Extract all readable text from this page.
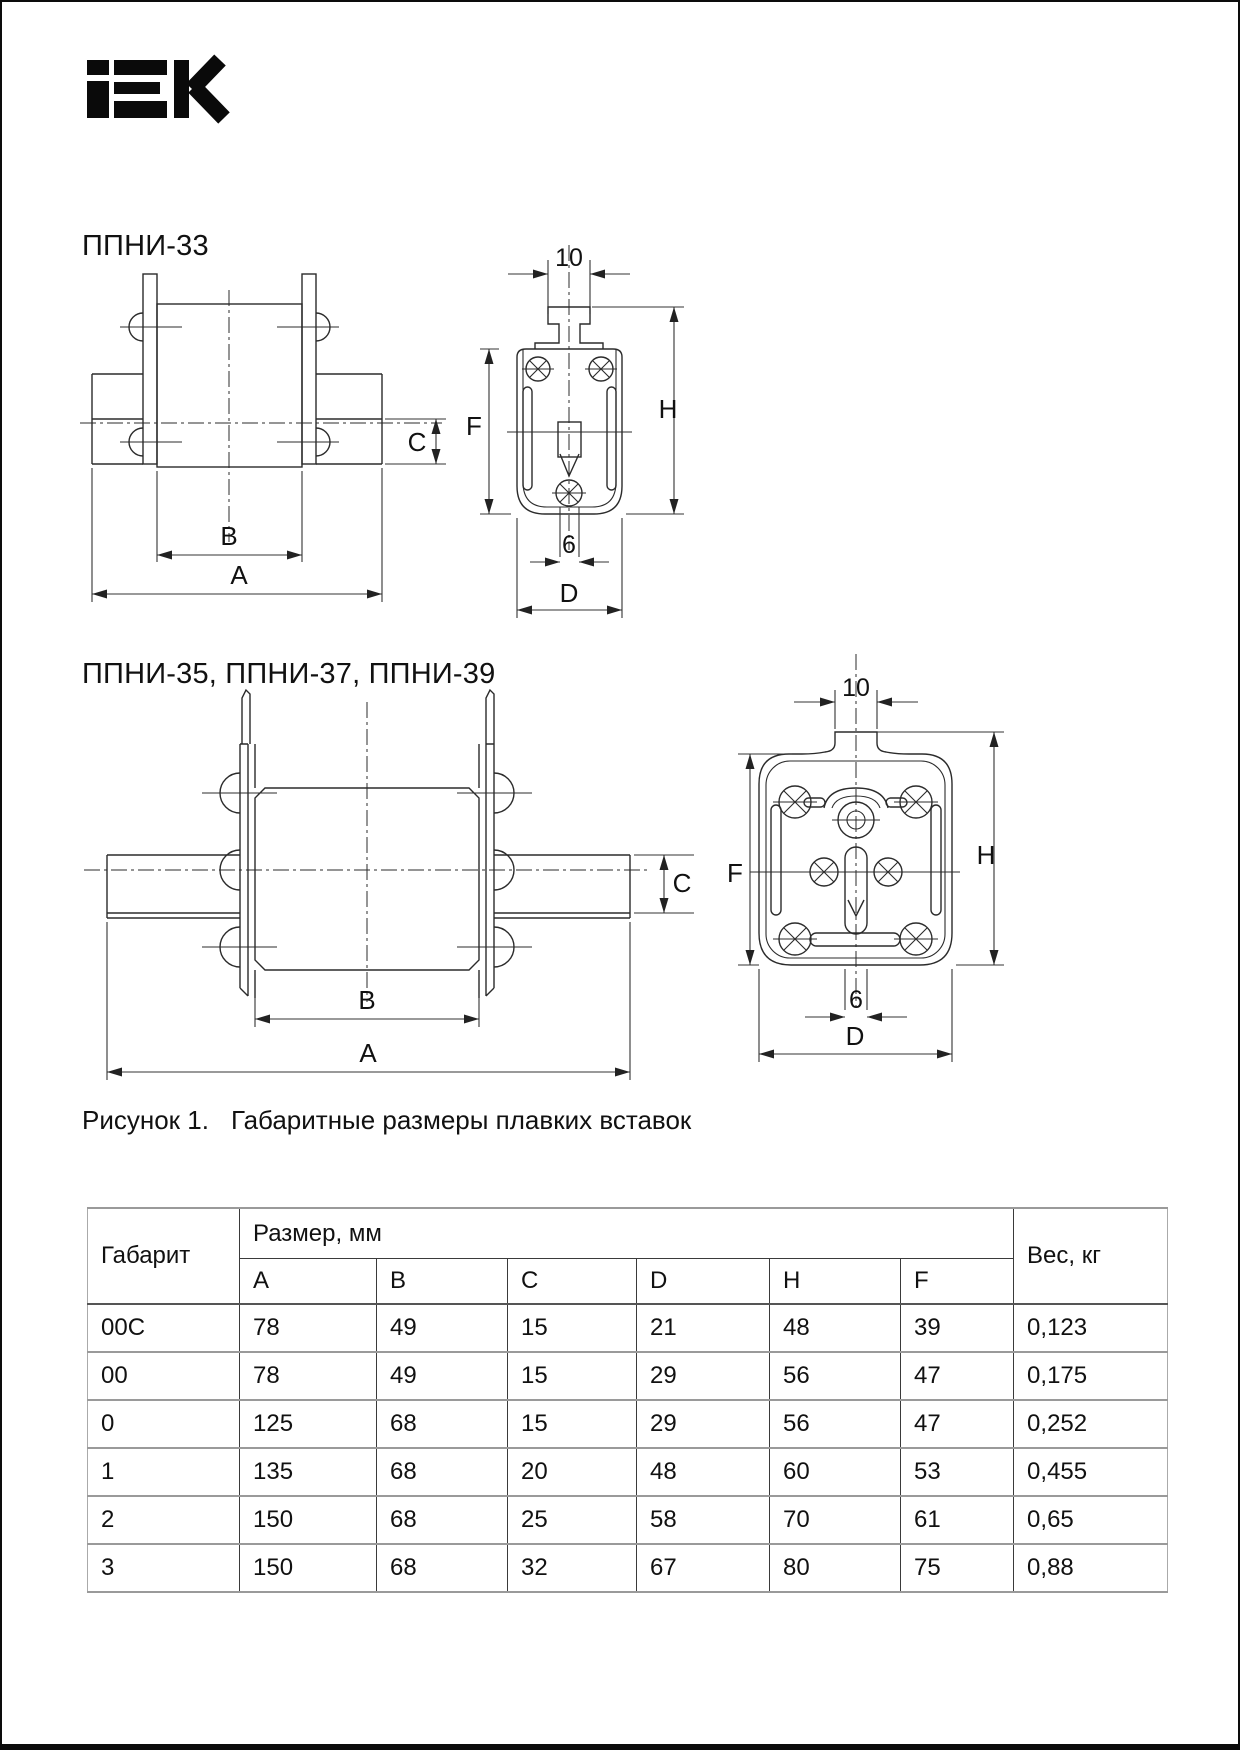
ППНИ-33
ППНИ-35, ППНИ-37, ППНИ-39
B
A
C
10
F
H
6
D
B
A
C
10
F
H
6
D
Рисунок 1. Габаритные размеры плавких вставок
Габарит	Размер, мм						Вес, кг
	A	B	C	D	H	F	
00C	78	49	15	21	48	39	0,123
00	78	49	15	29	56	47	0,175
0	125	68	15	29	56	47	0,252
1	135	68	20	48	60	53	0,455
2	150	68	25	58	70	61	0,65
3	150	68	32	67	80	75	0,88
